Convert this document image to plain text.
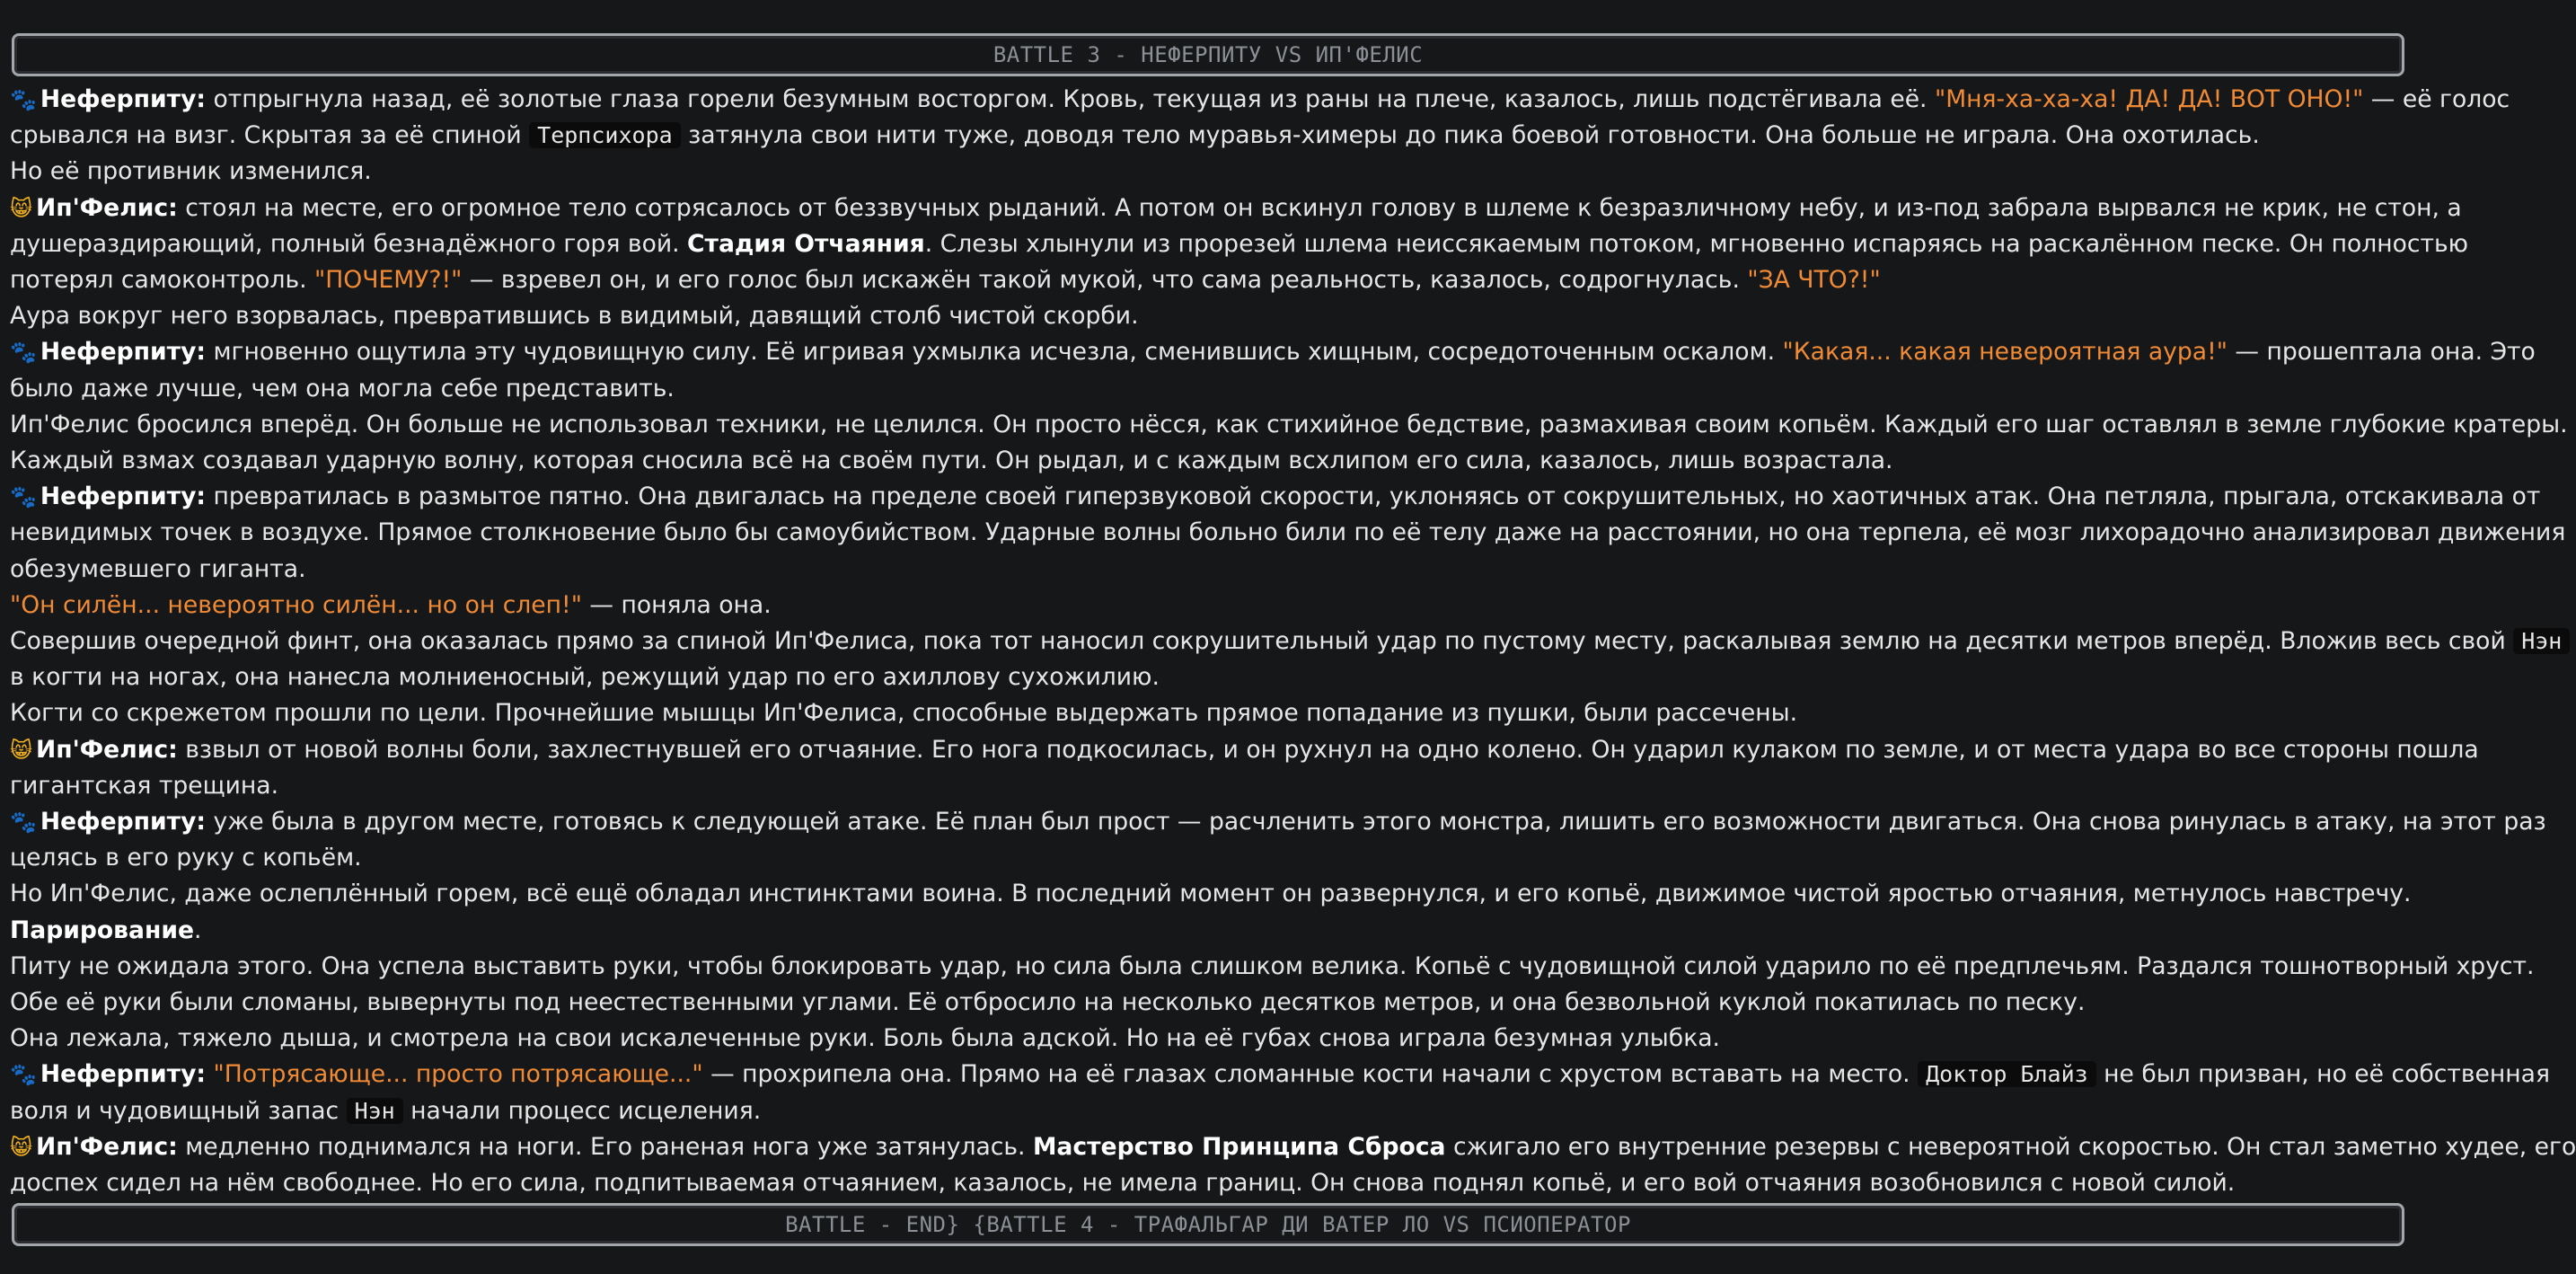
BATTLE 3 - НЕФЕРПИТУ VS ИП'ФЕЛИС
🐾 Неферпиту: отпрыгнула назад, её золотые глаза горели безумным восторгом. Кровь, текущая из раны на плече, казалось, лишь подстёгивала её. "Мня-ха-ха-ха! ДА! ДА! ВОТ ОНО!" — её голос
срывался на визг. Скрытая за её спиной Терпсихора затянула свои нити туже, доводя тело муравья-химеры до пика боевой готовности. Она больше не играла. Она охотилась.
Но её противник изменился.
😸 Ип'Фелис: стоял на месте, его огромное тело сотрясалось от беззвучных рыданий. А потом он вскинул голову в шлеме к безразличному небу, и из-под забрала вырвался не крик, не стон, а
душераздирающий, полный безнадёжного горя вой. Стадия Отчаяния. Слезы хлынули из прорезей шлема неиссякаемым потоком, мгновенно испаряясь на раскалённом песке. Он полностью
потерял самоконтроль. "ПОЧЕМУ?!" — взревел он, и его голос был искажён такой мукой, что сама реальность, казалось, содрогнулась. "ЗА ЧТО?!"
Аура вокруг него взорвалась, превратившись в видимый, давящий столб чистой скорби.
🐾 Неферпиту: мгновенно ощутила эту чудовищную силу. Её игривая ухмылка исчезла, сменившись хищным, сосредоточенным оскалом. "Какая... какая невероятная аура!" — прошептала она. Это
было даже лучше, чем она могла себе представить.
Ип'Фелис бросился вперёд. Он больше не использовал техники, не целился. Он просто нёсся, как стихийное бедствие, размахивая своим копьём. Каждый его шаг оставлял в земле глубокие кратеры.
Каждый взмах создавал ударную волну, которая сносила всё на своём пути. Он рыдал, и с каждым всхлипом его сила, казалось, лишь возрастала.
🐾 Неферпиту: превратилась в размытое пятно. Она двигалась на пределе своей гиперзвуковой скорости, уклоняясь от сокрушительных, но хаотичных атак. Она петляла, прыгала, отскакивала от
невидимых точек в воздухе. Прямое столкновение было бы самоубийством. Ударные волны больно били по её телу даже на расстоянии, но она терпела, её мозг лихорадочно анализировал движения
обезумевшего гиганта.
"Он силён... невероятно силён... но он слеп!" — поняла она.
Совершив очередной финт, она оказалась прямо за спиной Ип'Фелиса, пока тот наносил сокрушительный удар по пустому месту, раскалывая землю на десятки метров вперёд. Вложив весь свой Нэн
в когти на ногах, она нанесла молниеносный, режущий удар по его ахиллову сухожилию.
Когти со скрежетом прошли по цели. Прочнейшие мышцы Ип'Фелиса, способные выдержать прямое попадание из пушки, были рассечены.
😸 Ип'Фелис: взвыл от новой волны боли, захлестнувшей его отчаяние. Его нога подкосилась, и он рухнул на одно колено. Он ударил кулаком по земле, и от места удара во все стороны пошла
гигантская трещина.
🐾 Неферпиту: уже была в другом месте, готовясь к следующей атаке. Её план был прост — расчленить этого монстра, лишить его возможности двигаться. Она снова ринулась в атаку, на этот раз
целясь в его руку с копьём.
Но Ип'Фелис, даже ослеплённый горем, всё ещё обладал инстинктами воина. В последний момент он развернулся, и его копьё, движимое чистой яростью отчаяния, метнулось навстречу.
Парирование.
Питу не ожидала этого. Она успела выставить руки, чтобы блокировать удар, но сила была слишком велика. Копьё с чудовищной силой ударило по её предплечьям. Раздался тошнотворный хруст.
Обе её руки были сломаны, вывернуты под неестественными углами. Её отбросило на несколько десятков метров, и она безвольной куклой покатилась по песку.
Она лежала, тяжело дыша, и смотрела на свои искалеченные руки. Боль была адской. Но на её губах снова играла безумная улыбка.
🐾 Неферпиту: "Потрясающе... просто потрясающе..." — прохрипела она. Прямо на её глазах сломанные кости начали с хрустом вставать на место. Доктор Блайз не был призван, но её собственная
воля и чудовищный запас Нэн начали процесс исцеления.
😸 Ип'Фелис: медленно поднимался на ноги. Его раненая нога уже затянулась. Мастерство Принципа Сброса сжигало его внутренние резервы с невероятной скоростью. Он стал заметно худее, его
доспех сидел на нём свободнее. Но его сила, подпитываемая отчаянием, казалось, не имела границ. Он снова поднял копьё, и его вой отчаяния возобновился с новой силой.
BATTLE - END} {BATTLE 4 - ТРАФАЛЬГАР ДИ ВАТЕР ЛО VS ПСИОПЕРАТОР
